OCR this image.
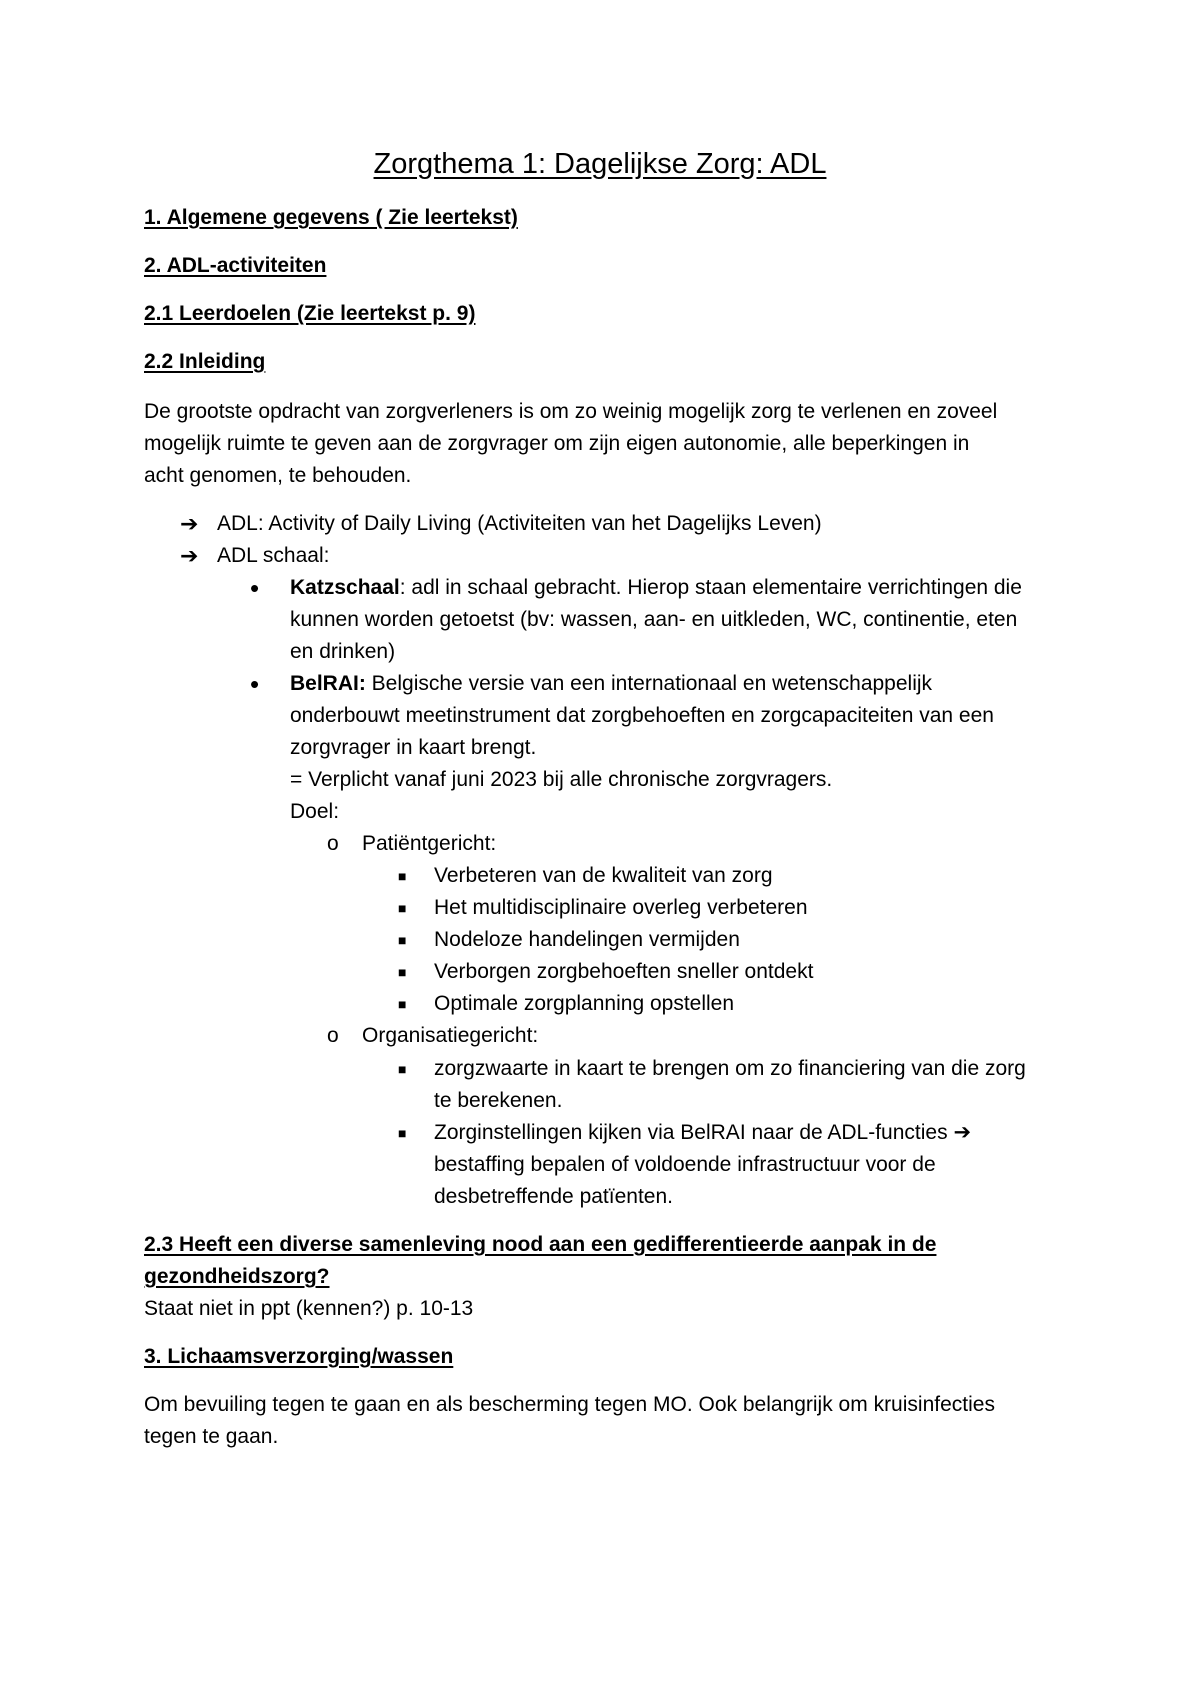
Zorgthema 1: Dagelijkse Zorg: ADL
1. Algemene gegevens ( Zie leertekst)
2. ADL-activiteiten
2.1 Leerdoelen (Zie leertekst p. 9)
2.2 Inleiding
De grootste opdracht van zorgverleners is om zo weinig mogelijk zorg te verlenen en zoveel
mogelijk ruimte te geven aan de zorgvrager om zijn eigen autonomie, alle beperkingen in
acht genomen, te behouden.
➔ ADL: Activity of Daily Living (Activiteiten van het Dagelijks Leven)
➔ ADL schaal:
• Katzschaal: adl in schaal gebracht. Hierop staan elementaire verrichtingen die
kunnen worden getoetst (bv: wassen, aan- en uitkleden, WC, continentie, eten
en drinken)
• BelRAI: Belgische versie van een internationaal en wetenschappelijk
onderbouwt meetinstrument dat zorgbehoeften en zorgcapaciteiten van een
zorgvrager in kaart brengt.
= Verplicht vanaf juni 2023 bij alle chronische zorgvragers.
Doel:
o Patiëntgericht:
■ Verbeteren van de kwaliteit van zorg
■ Het multidisciplinaire overleg verbeteren
■ Nodeloze handelingen vermijden
■ Verborgen zorgbehoeften sneller ontdekt
■ Optimale zorgplanning opstellen
o Organisatiegericht:
■ zorgzwaarte in kaart te brengen om zo financiering van die zorg
te berekenen.
■ Zorginstellingen kijken via BelRAI naar de ADL-functies ➔
bestaffing bepalen of voldoende infrastructuur voor de
desbetreffende patïenten.
2.3 Heeft een diverse samenleving nood aan een gedifferentieerde aanpak in de
gezondheidszorg?
Staat niet in ppt (kennen?) p. 10-13
3. Lichaamsverzorging/wassen
Om bevuiling tegen te gaan en als bescherming tegen MO. Ook belangrijk om kruisinfecties
tegen te gaan.
